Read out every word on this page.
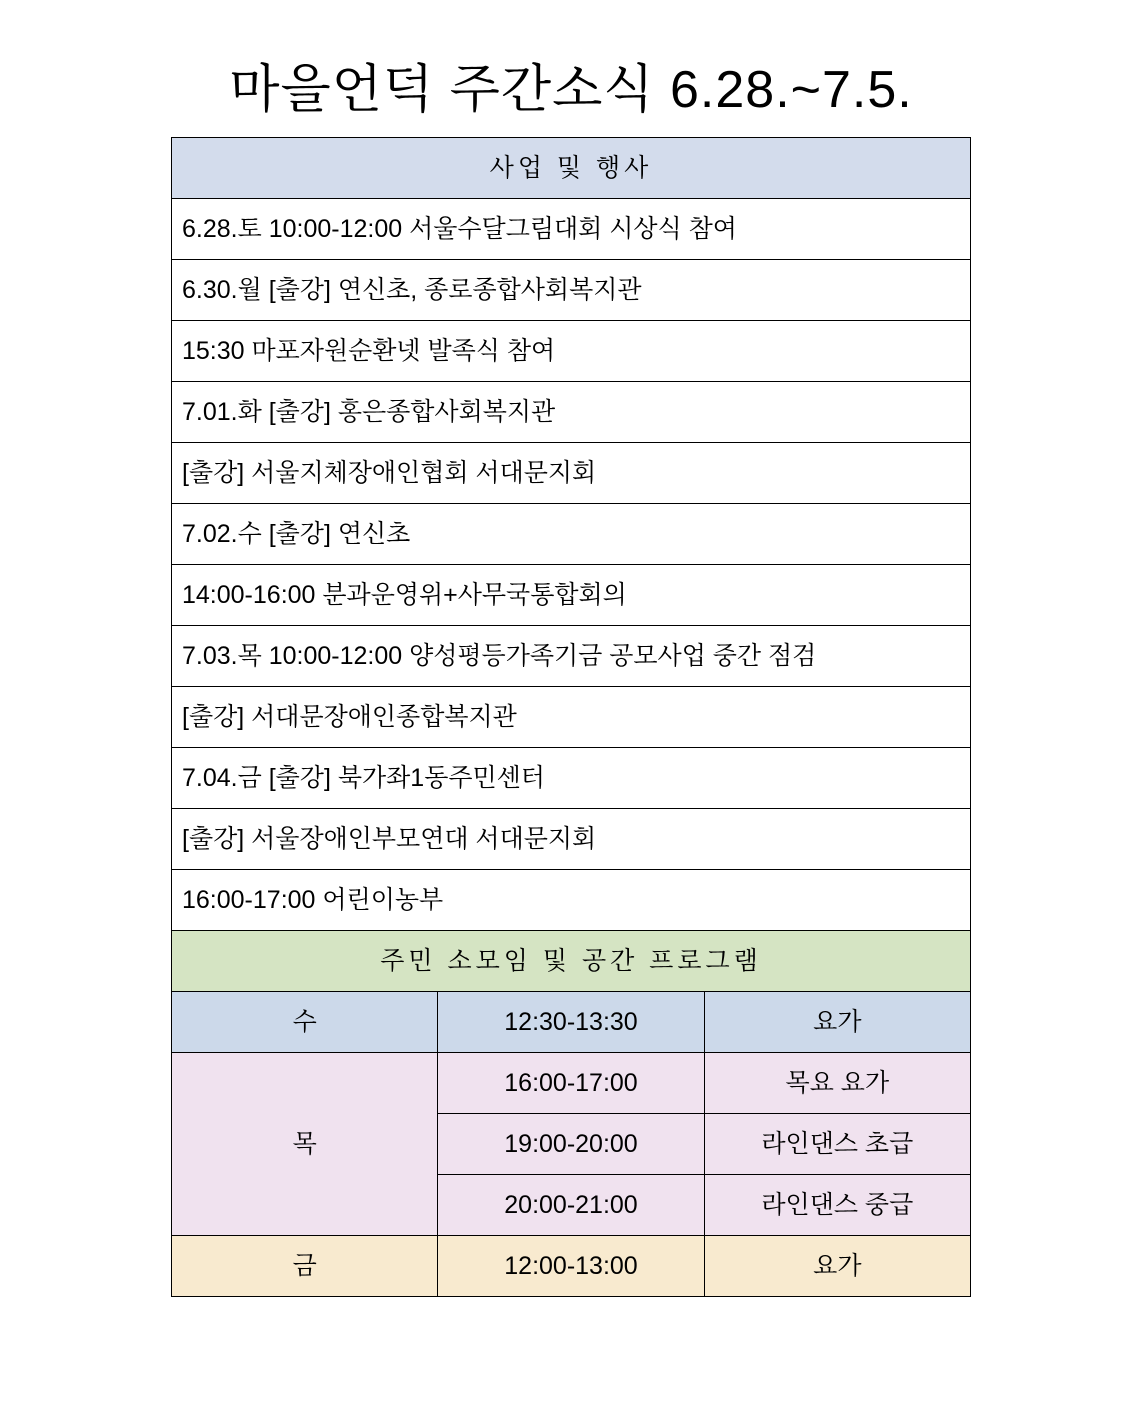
마을언덕 주간소식 6.28.~7.5.
사업 및 행사		
6.28.토 10:00-12:00 서울수달그림대회 시상식 참여		
6.30.월 [출강] 연신초, 종로종합사회복지관		
15:30 마포자원순환넷 발족식 참여		
7.01.화 [출강] 홍은종합사회복지관		
[출강] 서울지체장애인협회 서대문지회		
7.02.수 [출강] 연신초		
14:00-16:00 분과운영위+사무국통합회의		
7.03.목 10:00-12:00 양성평등가족기금 공모사업 중간 점검		
[출강] 서대문장애인종합복지관		
7.04.금 [출강] 북가좌1동주민센터		
[출강] 서울장애인부모연대 서대문지회		
16:00-17:00 어린이농부		
주민 소모임 및 공간 프로그램		
수	12:30-13:30	요가
목	16:00-17:00	목요 요가
	19:00-20:00	라인댄스 초급
	20:00-21:00	라인댄스 중급
금	12:00-13:00	요가
